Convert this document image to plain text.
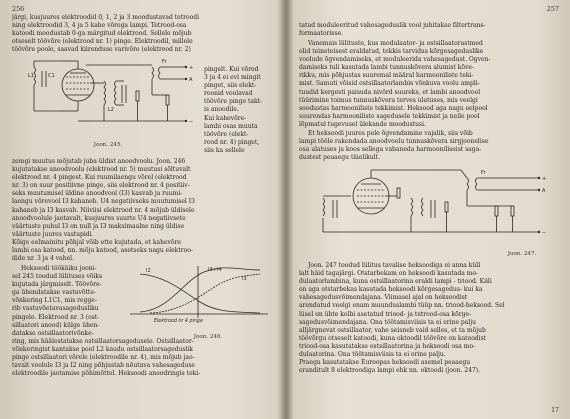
256
järgi, kusjuures elektroodid 0, 1, 2 ja 3 moodustavad tetroodi
ning elektroodid 3, 4 ja 5 kahe võrega lampi. Tetrood-osa
katoodi moodustab 0-ga märgitud elektrood. Sellele mõjub
otseselt töövõre (elektrood nr. 1) pinge. Elektroodil, millele
töövõre poole, saavad kiirenduse varivõre (elektrood nr. 2)
C1
L1
L2
Fr
−
+
A
pingelt. Kui võred
3 ja 4 ei evi mingit
pinget, siis elekt-
roonid voolavad
töövõre pinge takt-
is anoodile.
Kui kahevõre-
lambi osas muuta
töövõre (elekt-
rood nr. 4) pinget,
siis ka sellele
Joon. 245.
zemgi muutus mõjutab juba üldist anoodvoolu. Joon. 246
kujutatakse anoodvoolu (elektrood nr. 5) muutusi sõltuvalt
elektrood nr. 4 pingest. Kui ruumilaengu võrel (elektrood
nr. 3) on suur positiivne pinge, siis elektrood nr. 4 positiiv-
seks muutumisel üldine anoodvool (I3) kasvab ja ruumi-
laengu võrevool I3 kahaneb. U4 negatiivseks muutumisel I3
kahaneb ja I3 kasvab. Niiviisi elektrood nr. 4 mõjub üldisele
anoodvoolule jaotavalt, kusjuures suurte U4 negatiivsete
väärtuste puhul I3 on null ja I3 maksimaalne ning üldise
väärtuste juures vastupidi.
Kõige eelmainitu põhjal võib ette kujutada, et kahevõre
lambi osa katood, nn. mõju katood, asetseks nagu elektroo-
dide nr. 3 ja 4 vahel.
Heksoodi töökäiku jooni-
sel 245 toodud lülituses võiks
kujutada järgmiselt. Töövõre-
ga ühendatakse vastuvõtte-
võnkering L1C1, mis regge-
rib vastuvõetavasagedusliku
pingele. Elektrood nr. 3 (ost-
sillaatori anood) külge ühen-
datakse ostsillaatorivõnke-
ring, mis häälestatakse ostsillaatorsagedusele. Ostsillaator-
võnkeringist kantakse pool L2 kaudu ostsillaatorsageduslik
pinge ostsillaatori võrele (elektroodile nr. 4), mis mõjub jao-
tavalt voolule I3 ja I2 ning põhjustab nõutava vahesageduse
elektroodile jaotamise põhimõttel. Heksoodi anoodringis teki-
I3+I4
I2
I3
Elektrood nr 4 pinge
Joon. 246.
257
tatud moduleeritud vahesageduslik vool juhitakse filtertrans-
formaatorisse.
Vanemais lülituste, kus modulaator- ja ostsillaatorastmed
olid teineteisest eraldatud, tekkis tarvidus kõrgesageduslike
voolude õgvendamiseks, et moduleerida vahesagedust. Õgven-
damiseks tuli kasutada lambi tunnuskõvera alumist kõve-
rikku, mis põhjustas suuremal määral harmooniliste teki-
mist. Samuti võisid ostsillaatorlambis võnkuva voolu ampli-
tuudid kergesti paisuda nivõrd suureks, et lambi anoodvool
tüürimine toimus tunnuskõvera terves ulatuses, mis veelgi
soodustas harmooniliste tekkimist. Heksood aga nagu eelpool
suurendas harmooniliste sagedusele tekkimist ja neile pool
lõpmatul tugevusel ülekande moodustusi.
Et heksoodi juures pole õgvendamine vajalik, siis võib
lampi tööle rakendada anoodvoolu tunnuskõvera sirgjoonelise
osa ulatuses ja koos sellega vabaneda harmooniliseist saga-
dustest peaaegu täielikult.
Fr
+
A
−
Joon. 247.
Joon. 247 toodud lülitus tavalise heksoodiga ei anna küll
lalt häid tagajärgi. Otstarbekam on heksoodi kasutada mo-
dulaatorlambina, kuna ostsillaatorina eraldi lampi - triood. Kiili
on aga otstarbekas kasutada heksoodi kõrgesagedus- kui ka
vahesagedusvõimendajana. Viimasel ajal on heksoodist
arendatud veelgi enam muunduslambi tüüp nn. triood-heksood. Sel
lüsel on ühte kolbi asetatud triood- ja tetrood-osa kõrge-
sagedusvõimendajana. Ona töötamisviisis ta ei erine palju
alljärgnevat ostsillaator, vahe seisneb vaid selles, et ta mõjub
töövõrgu otseselt katoodi, kuna oktoodil töövõre on katoodist
triood-osa kasutatakse ostsillaatorina ja heksoodi osa mo-
dulaatorina. Ona töötamisviisis ta ei erine palju.
Praegu kasutatakse Euroopas heksoodi asemel peaaegu
eranditult 8 elektroodiga lampi ehk nn. oktoodi (joon. 247).
17
